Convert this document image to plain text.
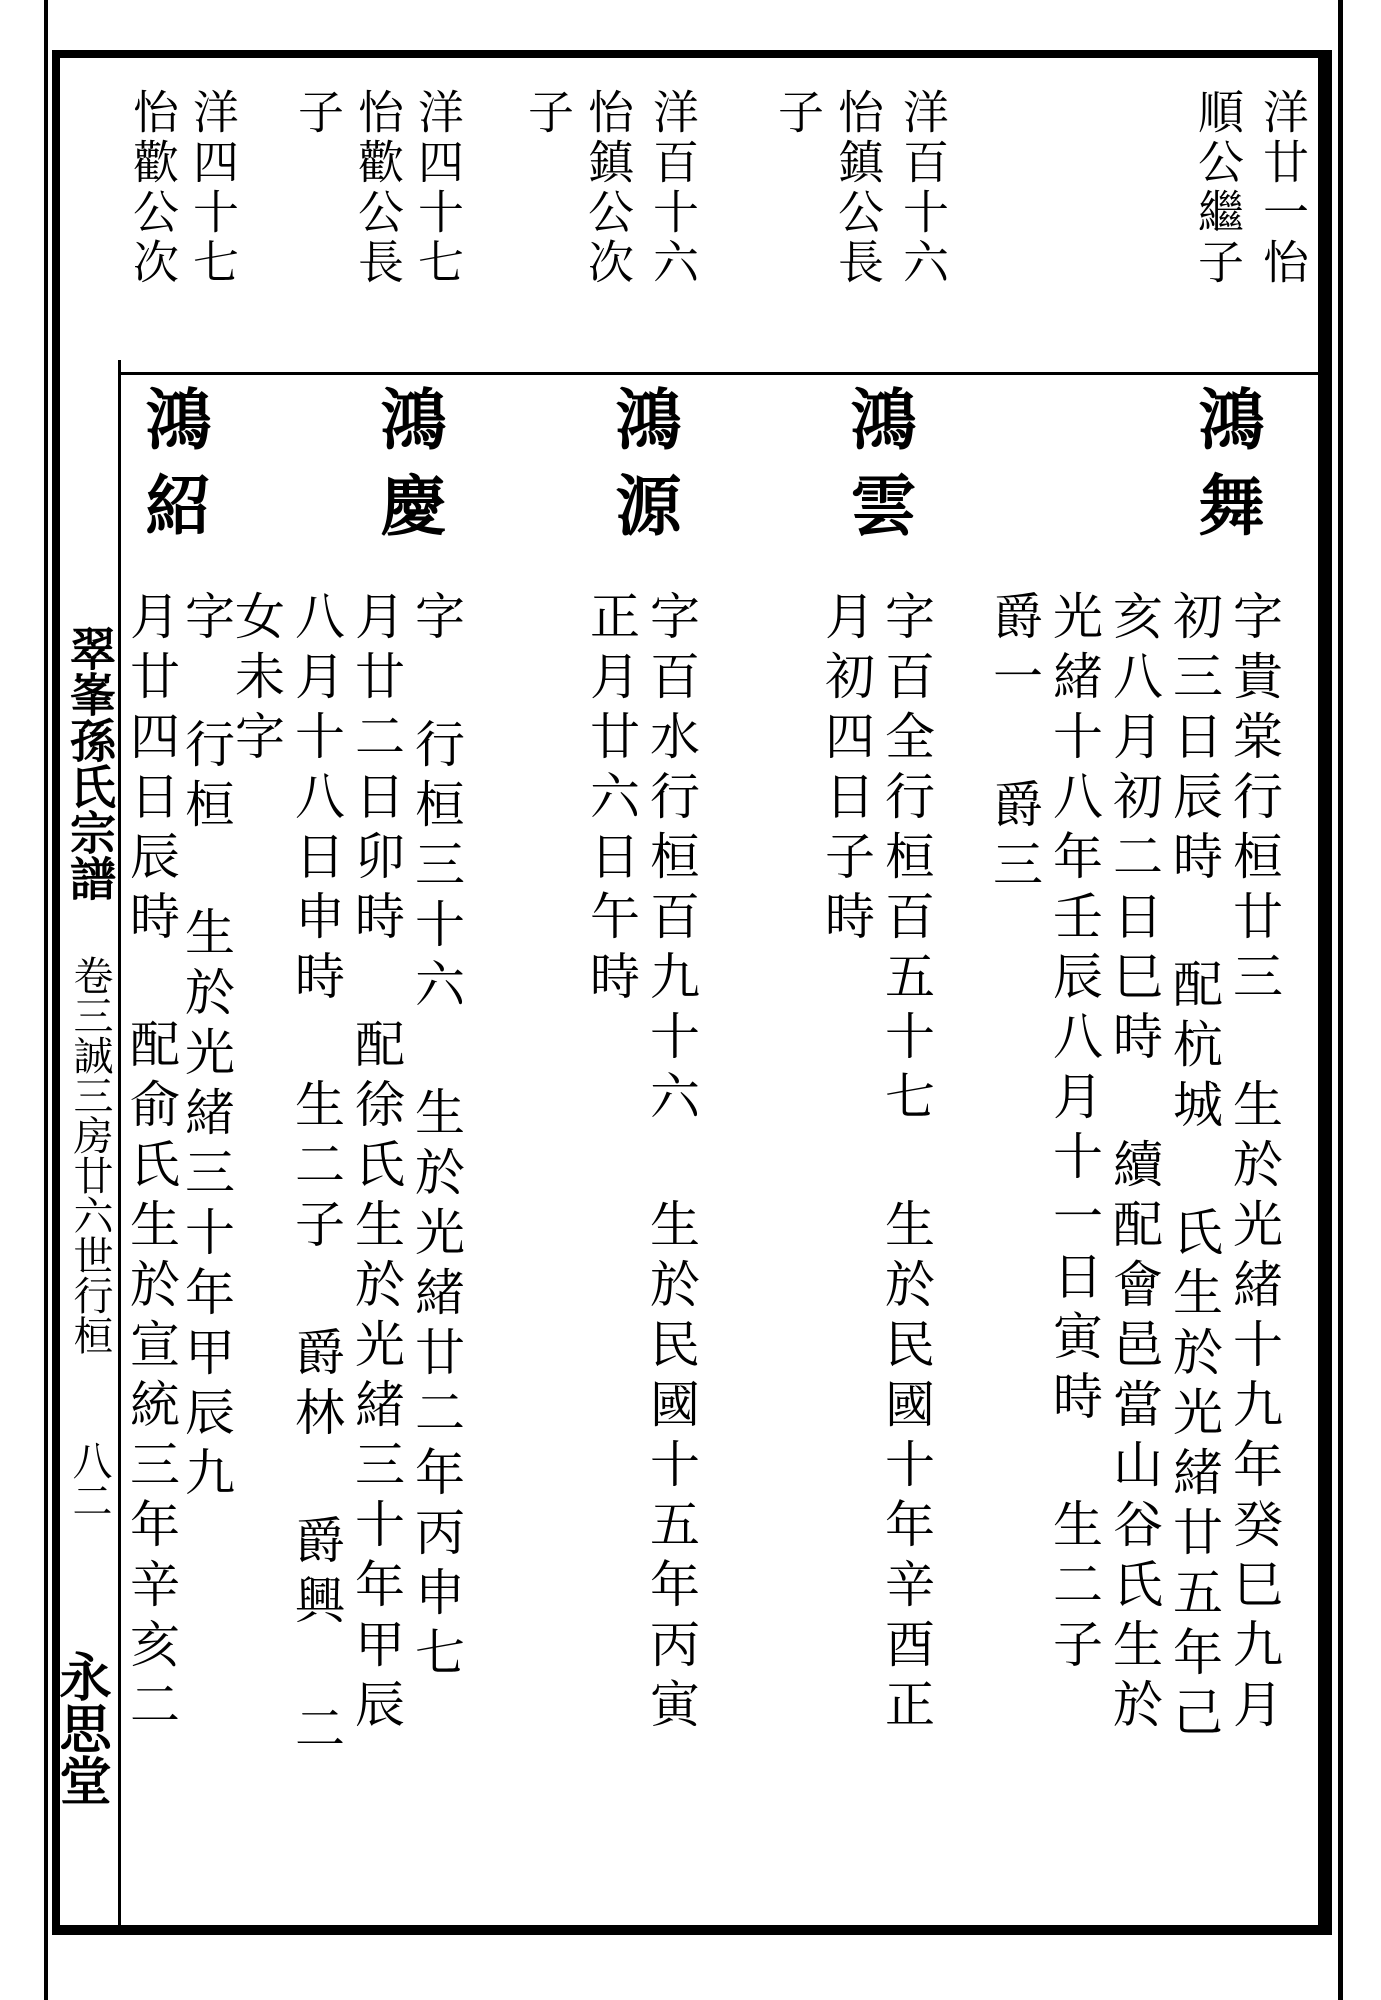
翠峯孫氏宗譜 卷三誠三房廿六世行桓
八二
永思堂
洋廿一怡
順公繼子
洋百十六
怡鎮公長
子
洋百十六
怡鎮公次
子
洋四十七
怡歡公長
子
洋四十七
怡歡公次
鴻舞
字貴棠行桓廿三 生於光緒十九年癸巳九月
初三日辰時 配杭城 氏生於光緒廿五年己
亥八月初二日巳時 續配會邑當山谷氏生於
光緒十八年壬辰八月十一日寅時 生二子
爵一 爵三
鴻雲
字百全行桓百五十七 生於民國十年辛酉正
月初四日子時
鴻源
字百水行桓百九十六 生於民國十五年丙寅
正月廿六日午時
鴻慶
字 行桓三十六 生於光緒廿二年丙申七
月廿二日卯時 配徐氏生於光緒三十年甲辰
八月十八日申時 生二子 爵林 爵興 二
女未字
鴻紹
字 行桓 生於光緒三十年甲辰九
月廿四日辰時 配俞氏生於宣統三年辛亥二
